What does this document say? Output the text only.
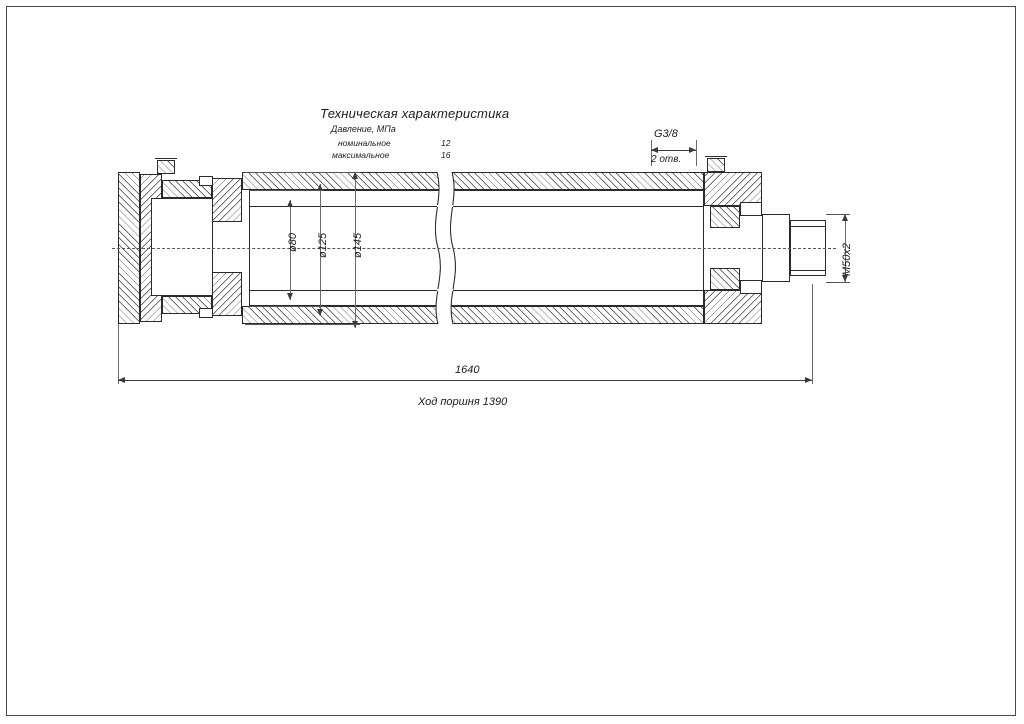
Техническая характеристика
Давление, МПа
номинальное	12
максимальное	16
ø80 ø125 ø145
G3/8
2 отв.
M50х2
1640
Ход поршня 1390
